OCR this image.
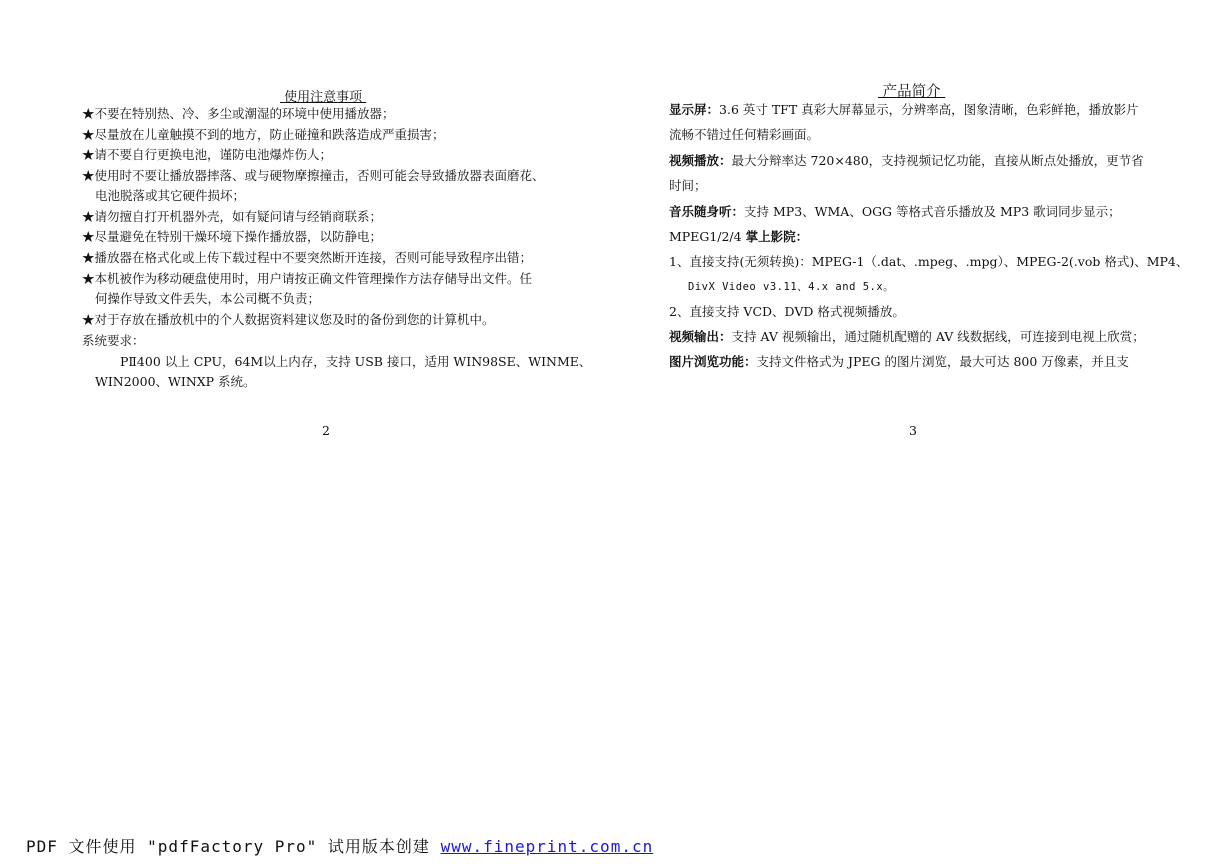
使用注意事项
★不要在特别热、冷、多尘或潮湿的环境中使用播放器；
★尽量放在儿童触摸不到的地方，防止碰撞和跌落造成严重损害；
★请不要自行更换电池，谨防电池爆炸伤人；
★使用时不要让播放器摔落、或与硬物摩擦撞击，否则可能会导致播放器表面磨花、
电池脱落或其它硬件损坏；
★请勿擅自打开机器外壳，如有疑问请与经销商联系；
★尽量避免在特别干燥环境下操作播放器，以防静电；
★播放器在格式化或上传下载过程中不要突然断开连接，否则可能导致程序出错；
★本机被作为移动硬盘使用时，用户请按正确文件管理操作方法存储导出文件。任
何操作导致文件丢失，本公司概不负责；
★对于存放在播放机中的个人数据资料建议您及时的备份到您的计算机中。
系统要求：
PⅡ400 以上 CPU，64M以上内存，支持 USB 接口，适用 WIN98SE、WINME、
WIN2000、WINXP 系统。
2
产品简介
显示屏：3.6 英寸 TFT 真彩大屏幕显示，分辨率高，图象清晰，色彩鲜艳，播放影片
流畅不错过任何精彩画面。
视频播放：最大分辩率达 720×480，支持视频记忆功能，直接从断点处播放，更节省
时间；
音乐随身听：支持 MP3、WMA、OGG 等格式音乐播放及 MP3 歌词同步显示；
MPEG1/2/4 掌上影院：
1、直接支持(无须转换)：MPEG-1（.dat、.mpeg、.mpg）、MPEG-2(.vob 格式)、MP4、
DivX Video v3.11、4.x and 5.x。
2、直接支持 VCD、DVD 格式视频播放。
视频输出：支持 AV 视频输出，通过随机配赠的 AV 线数据线，可连接到电视上欣赏；
图片浏览功能：支持文件格式为 JPEG 的图片浏览，最大可达 800 万像素，并且支
3
PDF 文件使用 "pdfFactory Pro" 试用版本创建 www.fineprint.com.cn
